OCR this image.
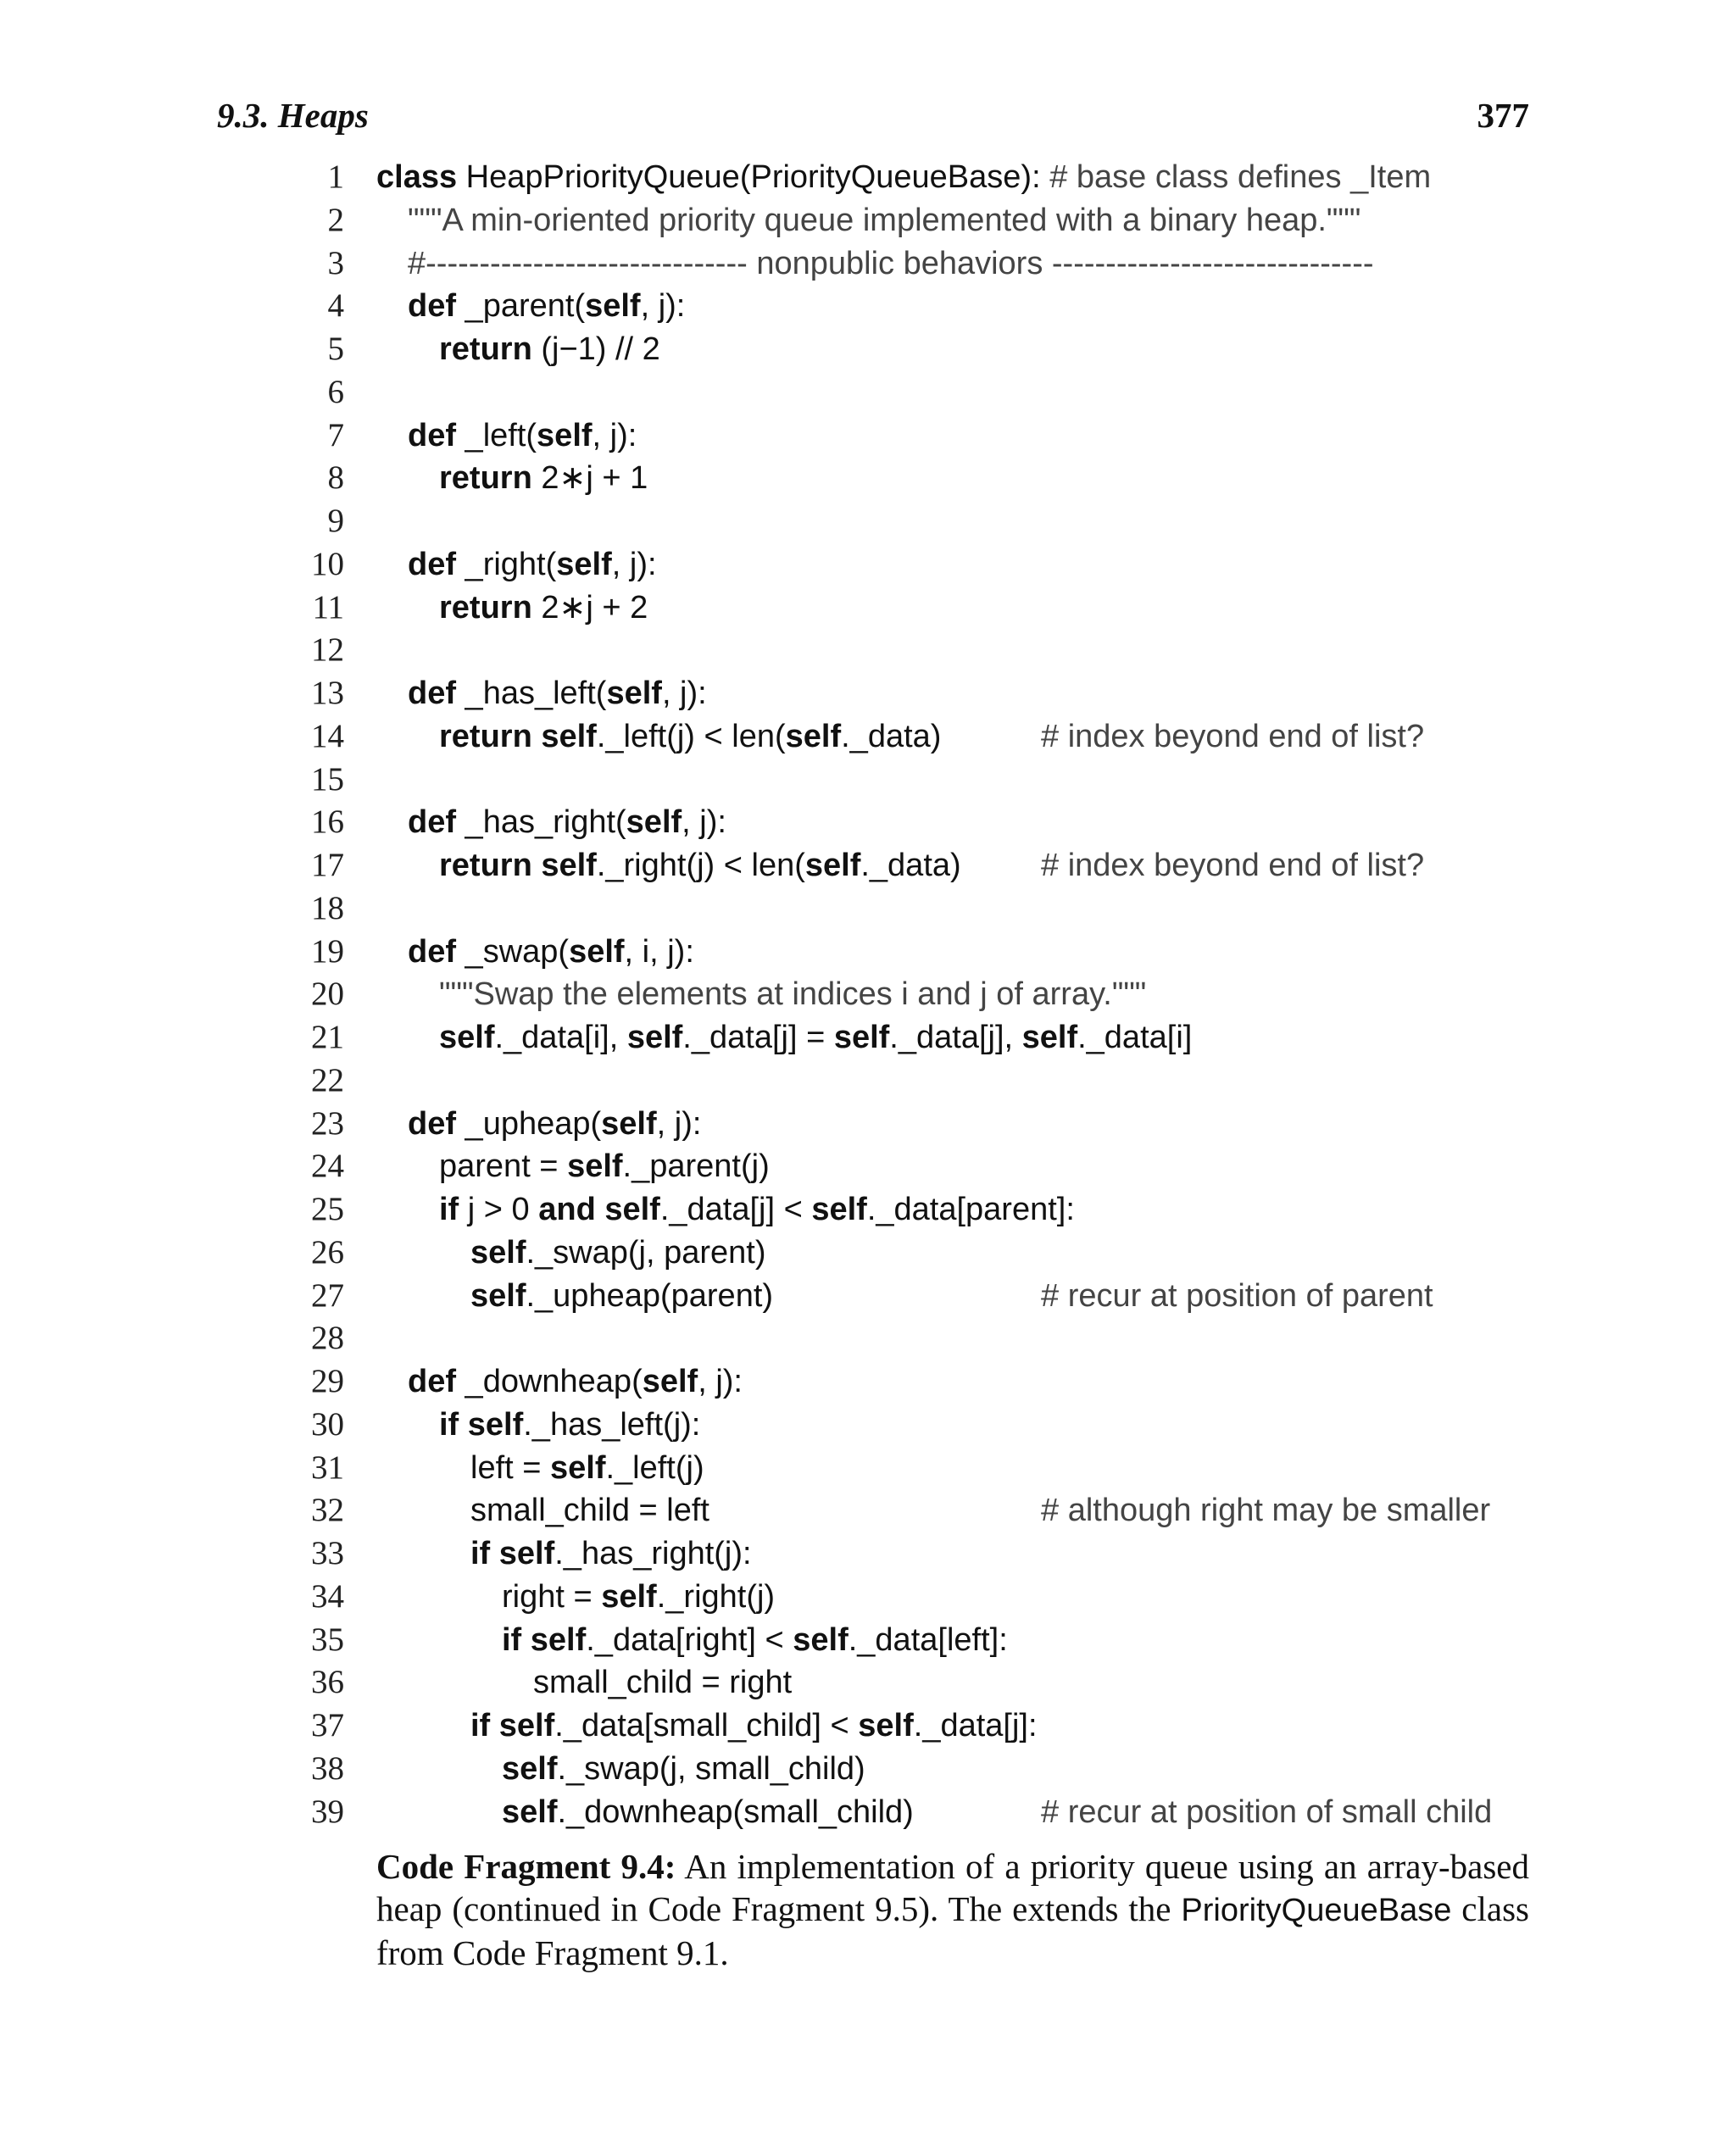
9.3. Heaps	377
1 class HeapPriorityQueue(PriorityQueueBase): # base class defines _Item
2 """A min-oriented priority queue implemented with a binary heap."""
3 #------------------------------ nonpublic behaviors ------------------------------
4 def _parent(self, j):
5	return (j−1) // 2
6
7 def _left(self, j):
8	return 2∗j + 1
9
10 def _right(self, j):
11	return 2∗j + 2
12
13 def _has_left(self, j):
14	return self._left(j) < len(self._data)	# index beyond end of list?
15
16 def _has_right(self, j):
17	return self._right(j) < len(self._data) # index beyond end of list?
18
19 def _swap(self, i, j):
20	"""Swap the elements at indices i and j of array."""
21	self._data[i], self._data[j] = self._data[j], self._data[i]
22
23 def _upheap(self, j):
24	parent = self._parent(j)
25	if j > 0 and self._data[j] < self._data[parent]:
26	self._swap(j, parent)
27	self._upheap(parent)	# recur at position of parent
28
29 def _downheap(self, j):
30	if self._has_left(j):
31	left = self._left(j)
32	small_child = left	# although right may be smaller
33	if self._has_right(j):
34	right = self._right(j)
35	if self._data[right] < self._data[left]:
36	small_child = right
37	if self._data[small_child] < self._data[j]:
38	self._swap(j, small_child)
39	self._downheap(small_child)	# recur at position of small child
Code Fragment 9.4: An implementation of a priority queue using an array-based heap (continued in Code Fragment 9.5). The extends the PriorityQueueBase class from Code Fragment 9.1.
